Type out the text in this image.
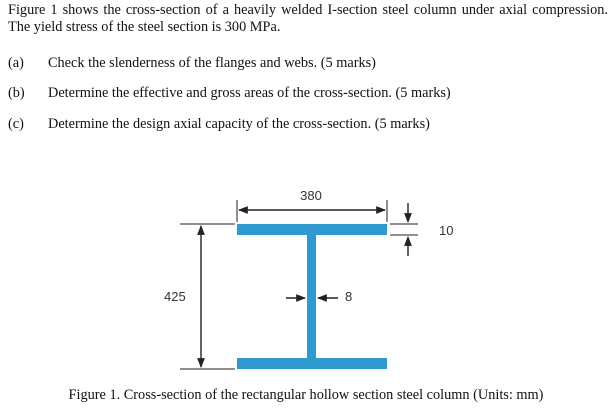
Figure 1 shows the cross-section of a heavily welded I-section steel column under axial compression. The yield stress of the steel section is 300 MPa.

(a) Check the slenderness of the flanges and webs. (5 marks)
(b) Determine the effective and gross areas of the cross-section. (5 marks)
(c) Determine the design axial capacity of the cross-section. (5 marks)
380
10
425	8
Figure 1. Cross-section of the rectangular hollow section steel column (Units: mm)
